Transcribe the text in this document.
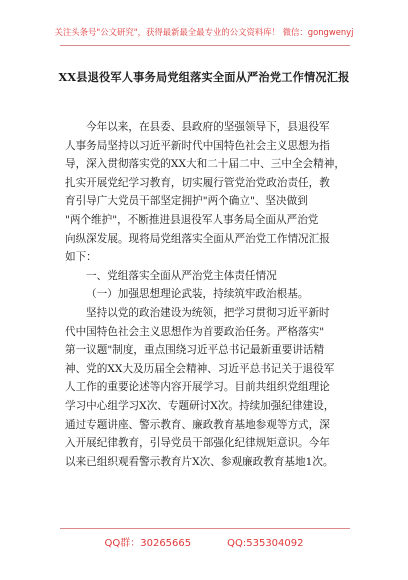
关注头条号"公文研究"，获得最新最全最专业的公文资料库！ 微信：gongwenyj
XX县退役军人事务局党组落实全面从严治党工作情况汇报
今年以来，在县委、县政府的坚强领导下，县退役军
人事务局坚持以习近平新时代中国特色社会主义思想为指
导，深入贯彻落实党的XX大和二十届二中、三中全会精神，
扎实开展党纪学习教育，切实履行管党治党政治责任，教
育引导广大党员干部坚定拥护"两个确立"、坚决做到
"两个维护"，不断推进县退役军人事务局全面从严治党
向纵深发展。现将局党组落实全面从严治党工作情况汇报
如下：
一、党组落实全面从严治党主体责任情况
（一）加强思想理论武装，持续筑牢政治根基。
坚持以党的政治建设为统领，把学习贯彻习近平新时
代中国特色社会主义思想作为首要政治任务。严格落实"
第一议题"制度，重点围绕习近平总书记最新重要讲话精
神、党的XX大及历届全会精神、习近平总书记关于退役军
人工作的重要论述等内容开展学习。目前共组织党组理论
学习中心组学习X次、专题研讨X次。持续加强纪律建设，
通过专题讲座、警示教育、廉政教育基地参观等方式，深
入开展纪律教育，引导党员干部强化纪律规矩意识。今年
以来已组织观看警示教育片X次、参观廉政教育基地1次。
QQ群：30265665	QQ:535304092
